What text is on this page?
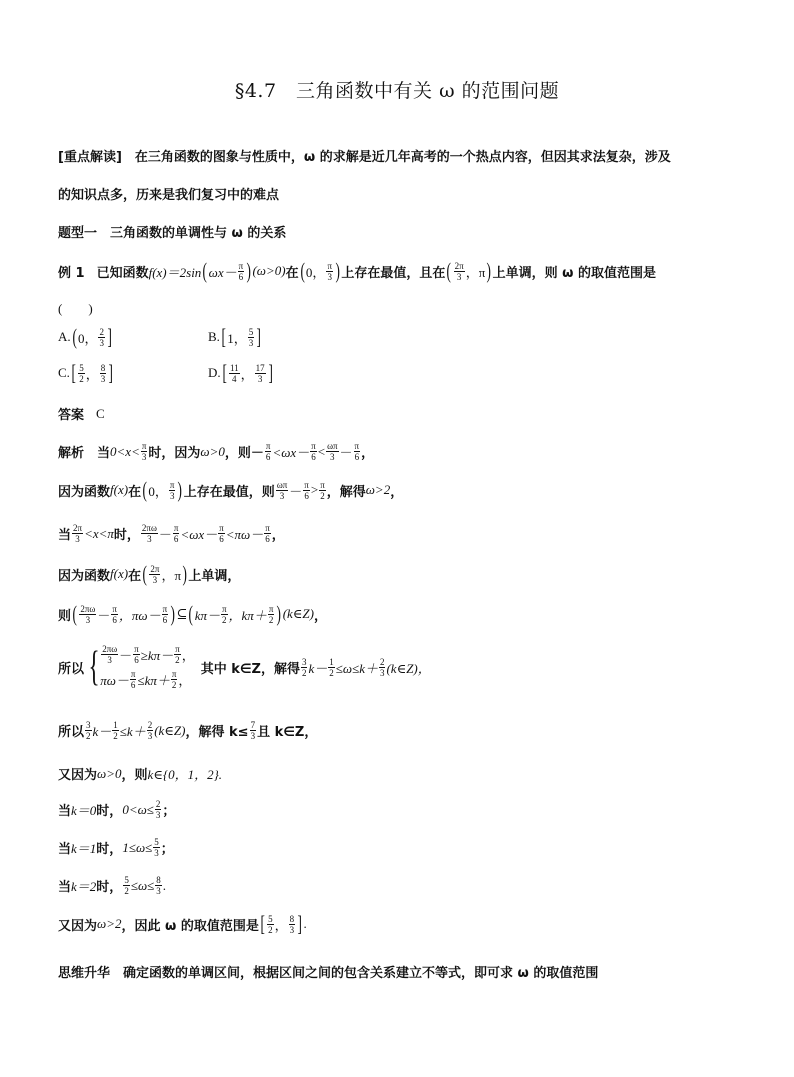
§4.7　三角函数中有关 ω 的范围问题
[重点解读] 　在三角函数的图象与性质中，ω 的求解是近几年高考的一个热点内容，但因其求法复杂，涉及
的知识点多，历来是我们复习中的难点
题型一　三角函数的单调性与 ω 的关系
例 1 已知函数 f(x)＝2sin ( ωx－ π
6 ) (ω>0) 在 ( 0， π
3 ) 上存在最值，且在 ( 2π
3 ，π ) 上单调，则 ω 的取值范围是
(　　)
A. ( 0， 2
3 ]	B. [ 1， 5
3 ]
C. [ 5
2 ， 8
3 ]	D. [ 11
4 ， 17
3 ]
答案 C
解析 　当 0<x< π
3 时，因为 ω>0 ，则－ π
6 <ωx－ π
6 < ωπ
3 － π
6 ，
因为函数 f(x) 在 ( 0， π
3 ) 上存在最值，则 ωπ
3 － π
6 > π
2 ，解得 ω>2 ，
当 2π
3 <x<π 时， 2πω
3 － π
6 <ωx－ π
6 <πω－ π
6 ，
因为函数 f(x) 在 ( 2π
3 ，π ) 上单调，
则 ( 2πω
3 － π
6 ，πω－ π
6 ) ⊆ ( kπ－ π
2 ，kπ＋ π
2 ) (k∈Z) ，
所以 { 2πω
$3 - \frac{\pi}{6} \ge k\pi- \pi$
2 ，
$\pi\omega- \frac{\pi}{6} \le k\pi+ \pi$
2 ，
其中 k∈Z，解得 3
2 $k- \frac{1}{2} \le\omega\le k+ 2$
3 (k∈Z)，
所以 3
2 $k- \frac{1}{2} \le k+ 2$
3 (k∈Z) ，解得 $k\le \frac{7}{3}$ 且 k∈Z，
又因为 ω>0 ，则 k∈{0，1，2}.
当 k＝0 时， $0<\omega\le \frac{2}{3}$ ；
当 k＝1 时， $1\le\omega\le \frac{5}{3}$ ；
当 k＝2 时， $\frac{5}{2} \le\omega\le \frac{8}{3}$ .
又因为 ω>2 ，因此 ω 的取值范围是 [ 5
2 ， 8
3 ] .
思维升华 　确定函数的单调区间，根据区间之间的包含关系建立不等式，即可求 ω 的取值范围
